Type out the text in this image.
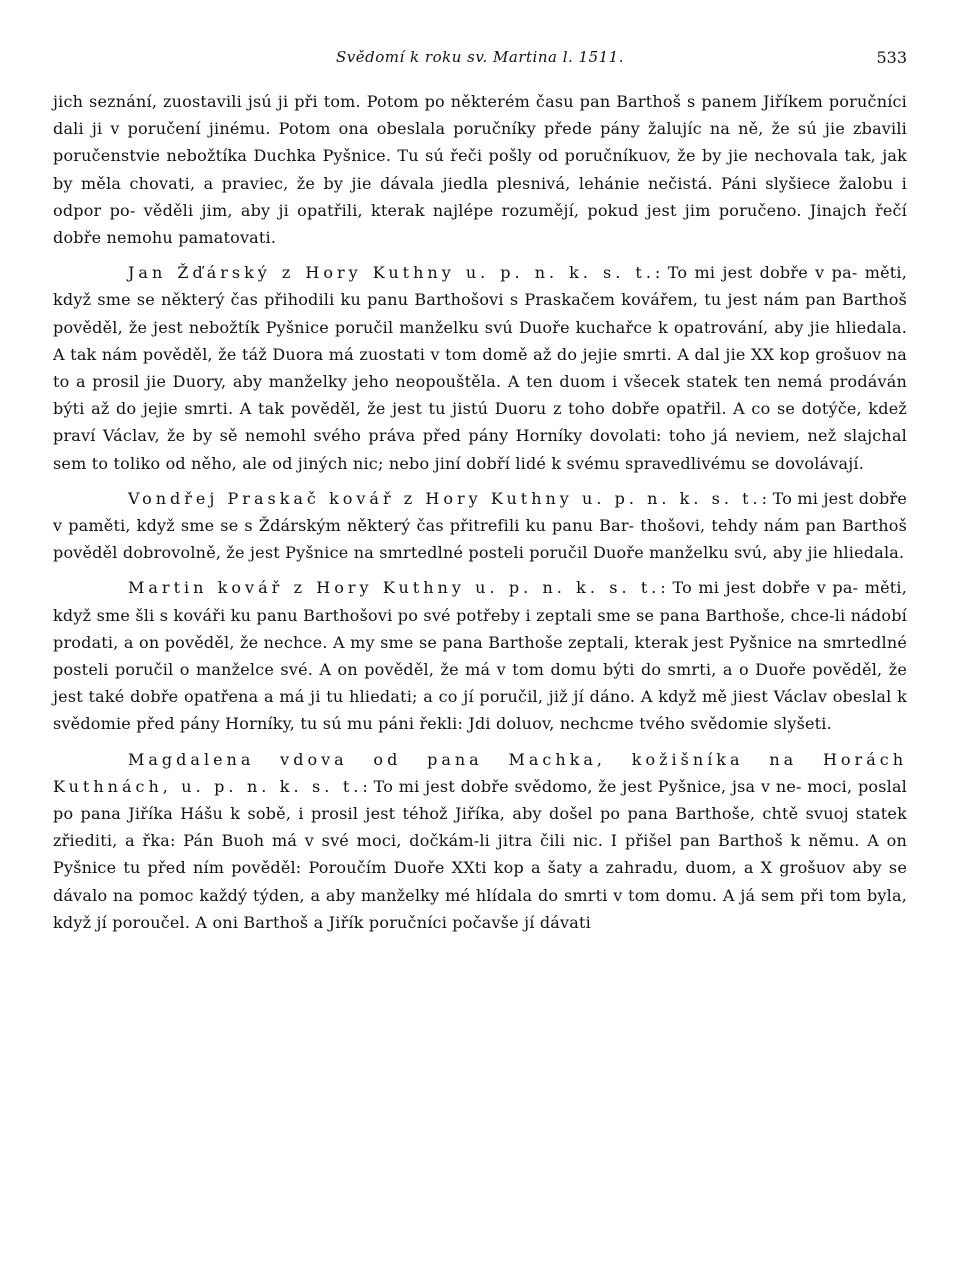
Svědomí k roku sv. Martina l. 1511.	533

jich seznání, zuostavili jsú ji při tom. Potom po některém času pan Barthoš s panem Jiříkem poručníci dali ji v poručení jinému. Potom ona obeslala poručníky přede pány žalujíc na ně, že sú jie zbavili poručenstvie nebožtíka Duchka Pyšnice. Tu sú řeči pošly od poručníkuov, že by jie nechovala tak, jak by měla chovati, a praviec, že by jie dávala jiedla plesnivá, lehánie nečistá. Páni slyšiece žalobu i odpor po- věděli jim, aby ji opatřili, kterak najlépe rozumějí, pokud jest jim poručeno. Jinajch řečí dobře nemohu pamatovati.

Jan Žďárský z Hory Kuthny u. p. n. k. s. t.: To mi jest dobře v pa- měti, když sme se některý čas přihodili ku panu Barthošovi s Praskačem kovářem, tu jest nám pan Barthoš pověděl, že jest nebožtík Pyšnice poručil manželku svú Duoře kuchařce k opatrování, aby jie hliedala. A tak nám pověděl, že táž Duora má zuostati v tom domě až do jejie smrti. A dal jie XX kop grošuov na to a prosil jie Duory, aby manželky jeho neopouštěla. A ten duom i všecek statek ten nemá prodáván býti až do jejie smrti. A tak pověděl, že jest tu jistú Duoru z toho dobře opatřil. A co se dotýče, kdež praví Václav, že by sě nemohl svého práva před pány Horníky dovolati: toho já neviem, než slajchal sem to toliko od něho, ale od jiných nic; nebo jiní dobří lidé k svému spravedlivému se dovolávají.

Vondřej Praskač kovář z Hory Kuthny u. p. n. k. s. t.: To mi jest dobře v paměti, když sme se s Ždárským některý čas přitrefili ku panu Bar- thošovi, tehdy nám pan Barthoš pověděl dobrovolně, že jest Pyšnice na smrtedlné posteli poručil Duoře manželku svú, aby jie hliedala.

Martin kovář z Hory Kuthny u. p. n. k. s. t.: To mi jest dobře v pa- měti, když sme šli s kováři ku panu Barthošovi po své potřeby i zeptali sme se pana Barthoše, chce-li nádobí prodati, a on pověděl, že nechce. A my sme se pana Barthoše zeptali, kterak jest Pyšnice na smrtedlné posteli poručil o manželce své. A on pověděl, že má v tom domu býti do smrti, a o Duoře pověděl, že jest také dobře opatřena a má ji tu hliedati; a co jí poručil, již jí dáno. A když mě jiest Václav obeslal k svědomie před pány Horníky, tu sú mu páni řekli: Jdi doluov, nechcme tvého svědomie slyšeti.

Magdalena vdova od pana Machka, kožišníka na Horách Kuthnách, u. p. n. k. s. t.: To mi jest dobře svědomo, že jest Pyšnice, jsa v ne- moci, poslal po pana Jiříka Hášu k sobě, i prosil jest téhož Jiříka, aby došel po pana Barthoše, chtě svuoj statek zřiediti, a řka: Pán Buoh má v své moci, dočkám-li jitra čili nic. I přišel pan Barthoš k němu. A on Pyšnice tu před ním pověděl: Poroučím Duoře XXti kop a šaty a zahradu, duom, a X grošuov aby se dávalo na pomoc každý týden, a aby manželky mé hlídala do smrti v tom domu. A já sem při tom byla, když jí poroučel. A oni Barthoš a Jiřík poručníci počavše jí dávati
